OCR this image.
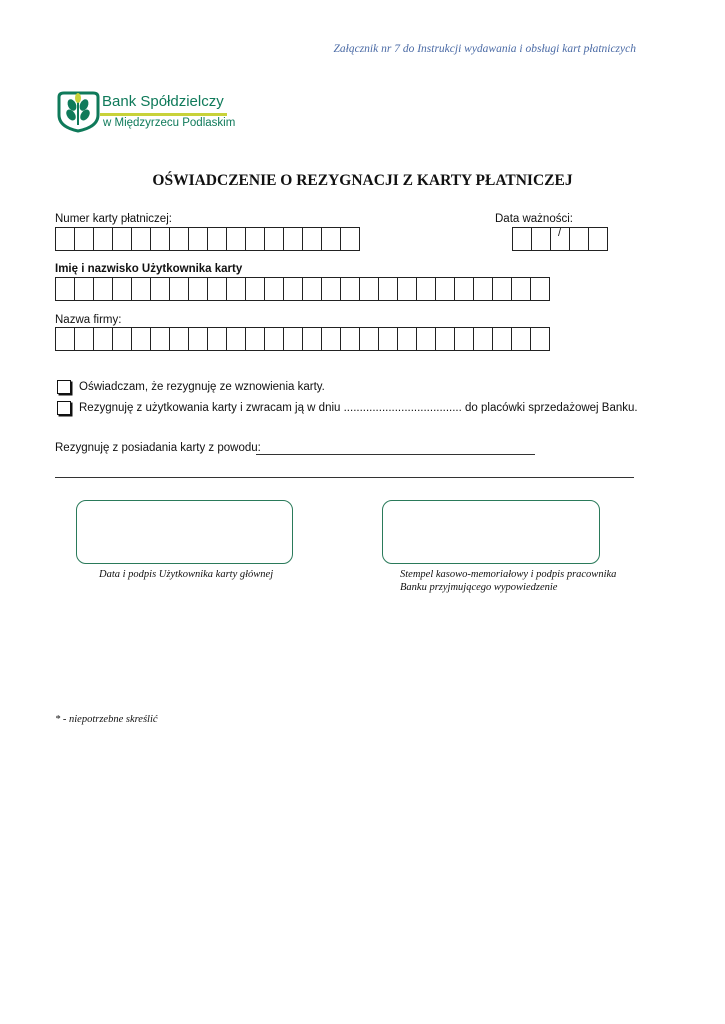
Załącznik nr 7 do Instrukcji wydawania i obsługi kart płatniczych
Bank Spółdzielczy
w Międzyrzecu Podlaskim
OŚWIADCZENIE O REZYGNACJI Z KARTY PŁATNICZEJ
Numer karty płatniczej:	Data ważności:
/
Imię i nazwisko Użytkownika karty
Nazwa firmy:
Oświadczam, że rezygnuję ze wznowienia karty.
Rezygnuję z użytkowania karty i zwracam ją w dniu ..................................... do placówki sprzedażowej Banku.
Rezygnuję z posiadania karty z powodu:
Data i podpis Użytkownika karty głównej	Stempel kasowo-memoriałowy i podpis pracownika Banku przyjmującego wypowiedzenie
* - niepotrzebne skreślić
